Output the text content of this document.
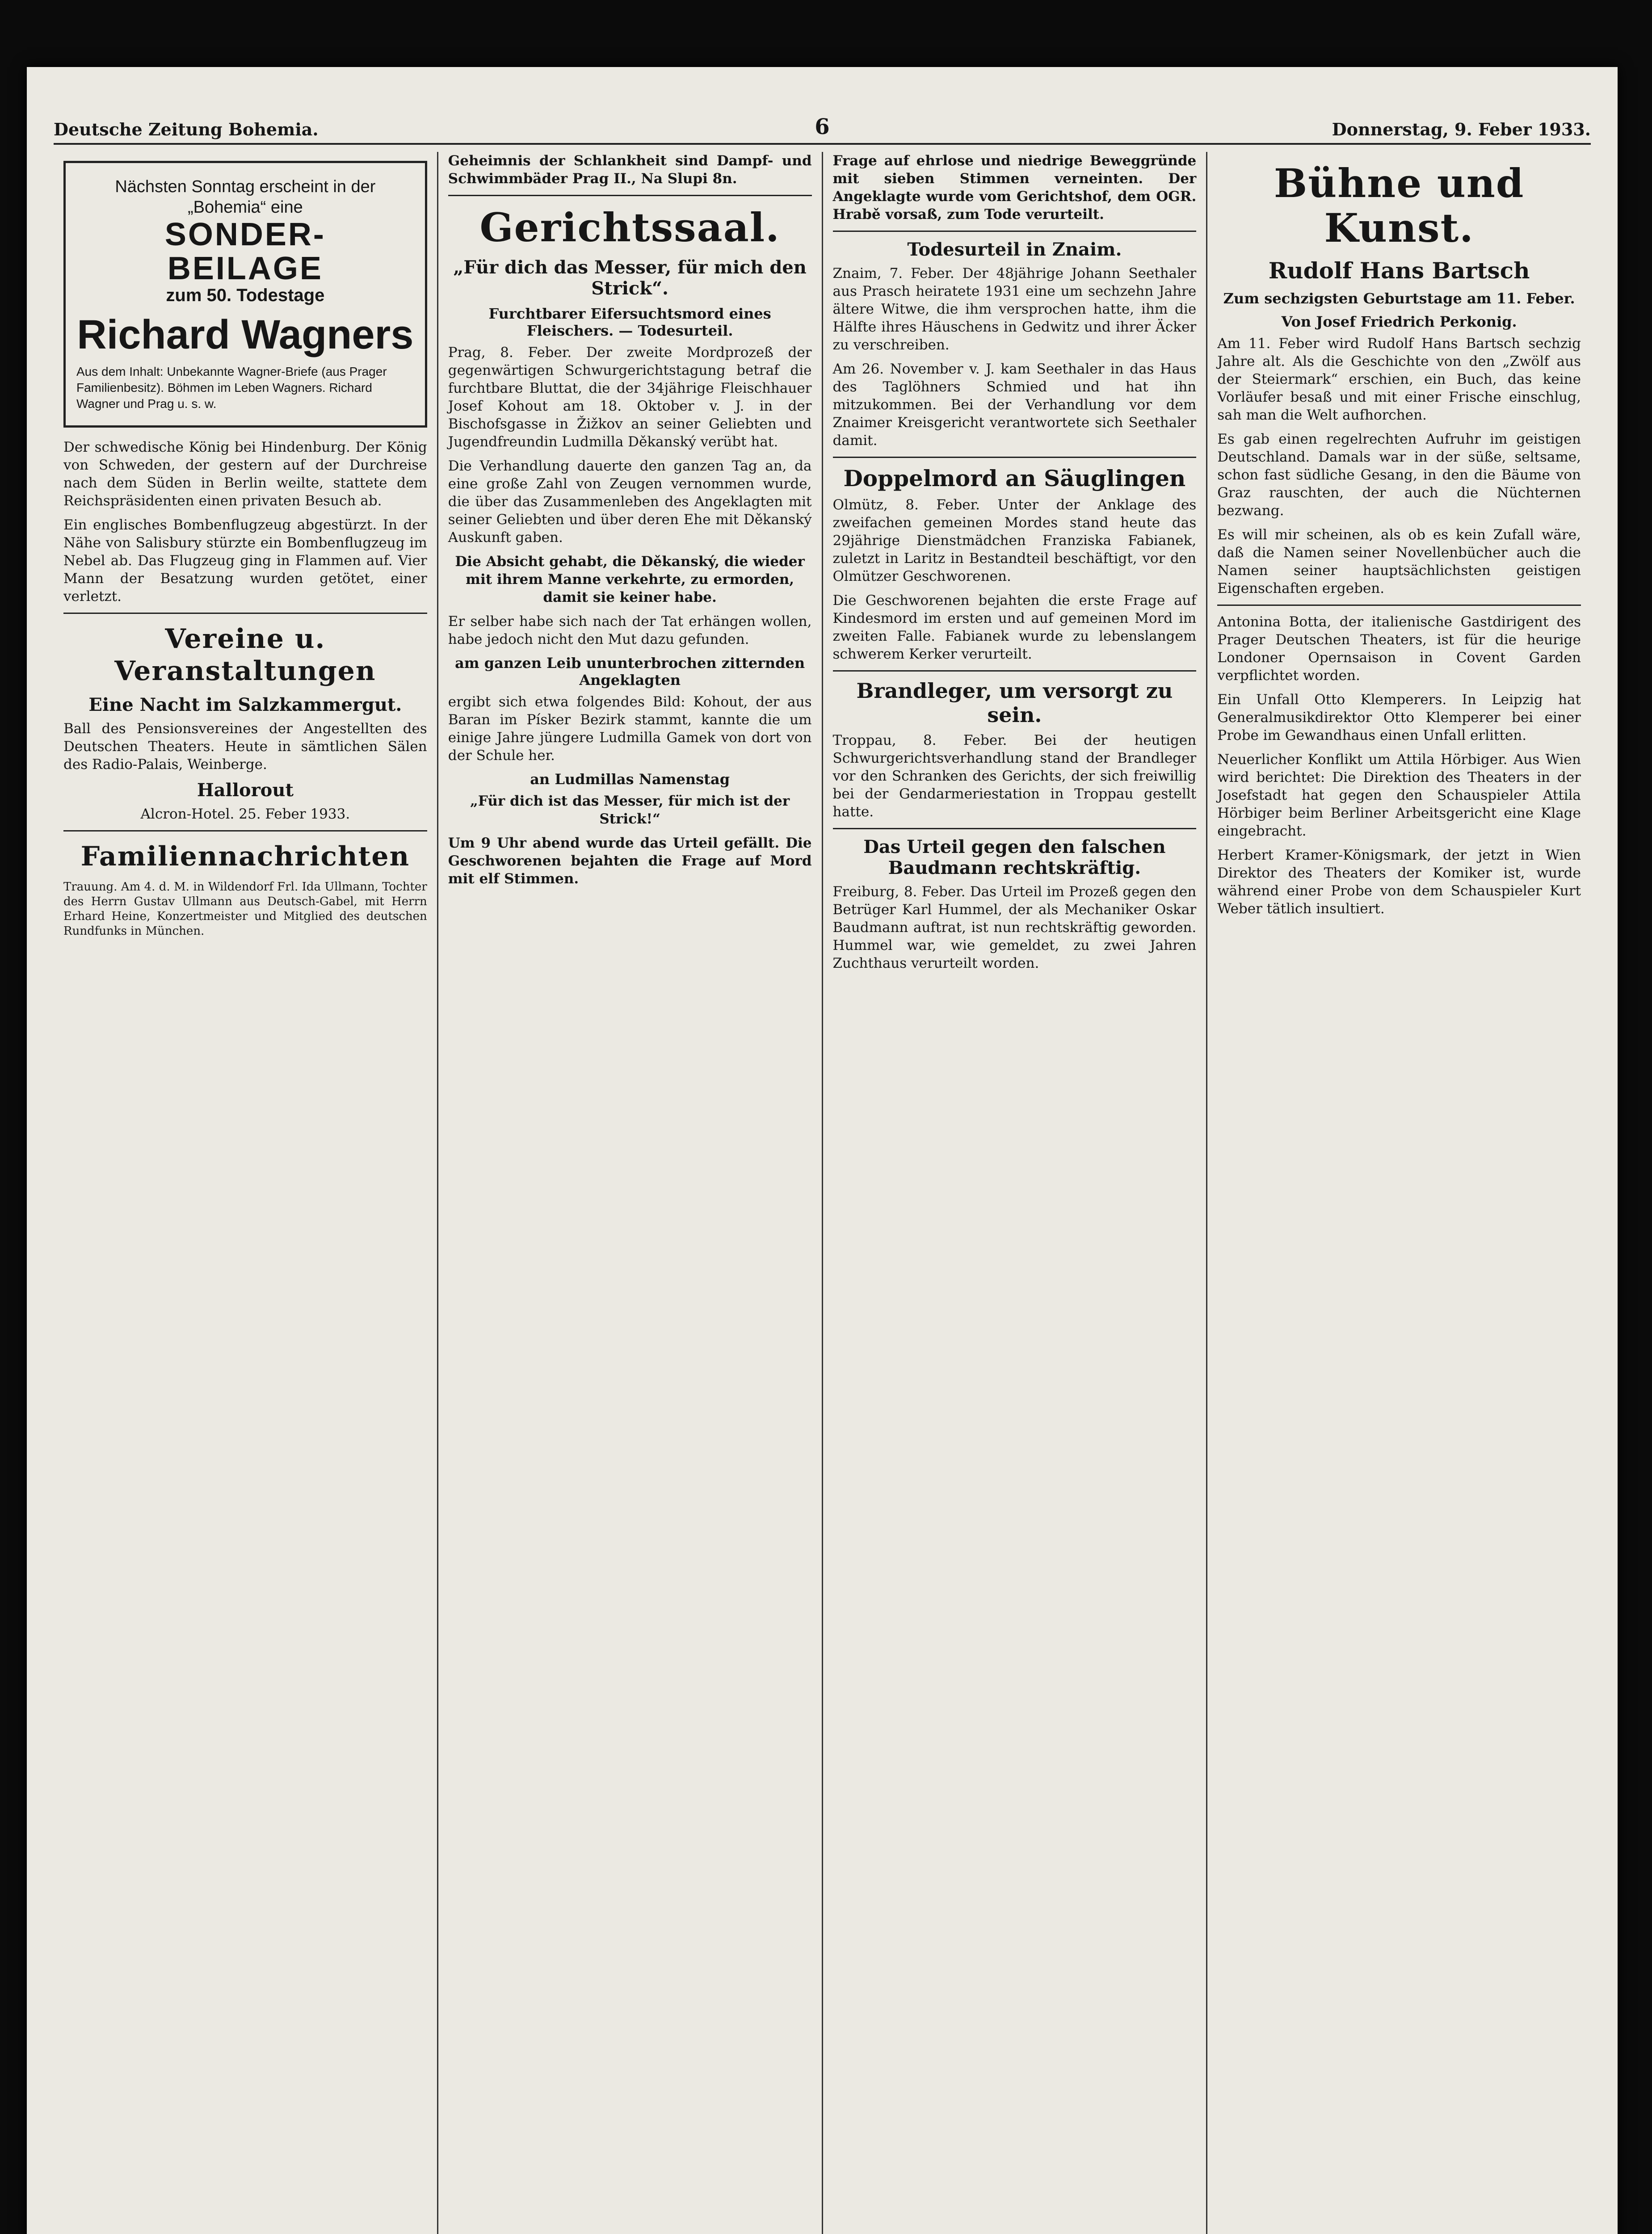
Deutsche Zeitung Bohemia.	6	Donnerstag, 9. Feber 1933.
Nächsten Sonntag erscheint in der „Bohemia“ eine
SONDER-
BEILAGE
zum 50. Todestage
Richard Wagners
Aus dem Inhalt: Unbekannte Wagner-Briefe (aus Prager Familienbesitz). Böhmen im Leben Wagners. Richard Wagner und Prag u. s. w.

Der schwedische König bei Hindenburg. Der König von Schweden, der gestern auf der Durchreise nach dem Süden in Berlin weilte, stattete dem Reichspräsidenten einen privaten Besuch ab.

Ein englisches Bombenflugzeug abgestürzt. In der Nähe von Salisbury stürzte ein Bombenflugzeug im Nebel ab. Das Flugzeug ging in Flammen auf. Vier Mann der Besatzung wurden getötet, einer verletzt.

Vereine u. Veranstaltungen
Eine Nacht im Salzkammergut.

Ball des Pensionsvereines der Angestellten des Deutschen Theaters. Heute in sämtlichen Sälen des Radio-Palais, Weinberge.

Hallorout

Alcron-Hotel. 25. Feber 1933.

Familiennachrichten

Trauung. Am 4. d. M. in Wildendorf Frl. Ida Ullmann, Tochter des Herrn Gustav Ullmann aus Deutsch-Gabel, mit Herrn Erhard Heine, Konzertmeister und Mitglied des deutschen Rundfunks in München.

Geheimnis der Schlankheit sind Dampf- und Schwimmbäder Prag II., Na Slupi 8n.

Gerichtssaal.
„Für dich das Messer, für mich den Strick“.
Furchtbarer Eifersuchtsmord eines Fleischers. — Todesurteil.

Prag, 8. Feber. Der zweite Mordprozeß der gegenwärtigen Schwurgerichtstagung betraf die furchtbare Bluttat, die der 34jährige Fleischhauer Josef Kohout am 18. Oktober v. J. in der Bischofsgasse in Žižkov an seiner Geliebten und Jugendfreundin Ludmilla Děkanský verübt hat.

Die Verhandlung dauerte den ganzen Tag an, da eine große Zahl von Zeugen vernommen wurde, die über das Zusammenleben des Angeklagten mit seiner Geliebten und über deren Ehe mit Děkanský Auskunft gaben.

Die Absicht gehabt, die Děkanský, die wieder mit ihrem Manne verkehrte, zu ermorden, damit sie keiner habe.

Er selber habe sich nach der Tat erhängen wollen, habe jedoch nicht den Mut dazu gefunden.

am ganzen Leib ununterbrochen zitternden Angeklagten

ergibt sich etwa folgendes Bild: Kohout, der aus Baran im Písker Bezirk stammt, kannte die um einige Jahre jüngere Ludmilla Gamek von dort von der Schule her.

an Ludmillas Namenstag

„Für dich ist das Messer, für mich ist der Strick!“

Um 9 Uhr abend wurde das Urteil gefällt. Die Geschworenen bejahten die Frage auf Mord mit elf Stimmen.

Frage auf ehrlose und niedrige Beweggründe mit sieben Stimmen verneinten. Der Angeklagte wurde vom Gerichtshof, dem OGR. Hrabě vorsaß, zum Tode verurteilt.

Todesurteil in Znaim.

Znaim, 7. Feber. Der 48jährige Johann Seethaler aus Prasch heiratete 1931 eine um sechzehn Jahre ältere Witwe, die ihm versprochen hatte, ihm die Hälfte ihres Häuschens in Gedwitz und ihrer Äcker zu verschreiben.

Am 26. November v. J. kam Seethaler in das Haus des Taglöhners Schmied und hat ihn mitzukommen. Bei der Verhandlung vor dem Znaimer Kreisgericht verantwortete sich Seethaler damit.

Doppelmord an Säuglingen

Olmütz, 8. Feber. Unter der Anklage des zweifachen gemeinen Mordes stand heute das 29jährige Dienstmädchen Franziska Fabianek, zuletzt in Laritz in Bestandteil beschäftigt, vor den Olmützer Geschworenen.

Die Geschworenen bejahten die erste Frage auf Kindesmord im ersten und auf gemeinen Mord im zweiten Falle. Fabianek wurde zu lebenslangem schwerem Kerker verurteilt.

Brandleger, um versorgt zu sein.

Troppau, 8. Feber. Bei der heutigen Schwurgerichtsverhandlung stand der Brandleger vor den Schranken des Gerichts, der sich freiwillig bei der Gendarmeriestation in Troppau gestellt hatte.

Das Urteil gegen den falschen Baudmann rechtskräftig.

Freiburg, 8. Feber. Das Urteil im Prozeß gegen den Betrüger Karl Hummel, der als Mechaniker Oskar Baudmann auftrat, ist nun rechtskräftig geworden. Hummel war, wie gemeldet, zu zwei Jahren Zuchthaus verurteilt worden.

Bühne und Kunst.
Rudolf Hans Bartsch
Zum sechzigsten Geburtstage am 11. Feber.
Von Josef Friedrich Perkonig.

Am 11. Feber wird Rudolf Hans Bartsch sechzig Jahre alt. Als die Geschichte von den „Zwölf aus der Steiermark“ erschien, ein Buch, das keine Vorläufer besaß und mit einer Frische einschlug, sah man die Welt aufhorchen.

Es gab einen regelrechten Aufruhr im geistigen Deutschland. Damals war in der süße, seltsame, schon fast südliche Gesang, in den die Bäume von Graz rauschten, der auch die Nüchternen bezwang.

Es will mir scheinen, als ob es kein Zufall wäre, daß die Namen seiner Novellenbücher auch die Namen seiner hauptsächlichsten geistigen Eigenschaften ergeben.

Antonina Botta, der italienische Gastdirigent des Prager Deutschen Theaters, ist für die heurige Londoner Opernsaison in Covent Garden verpflichtet worden.

Ein Unfall Otto Klemperers. In Leipzig hat Generalmusikdirektor Otto Klemperer bei einer Probe im Gewandhaus einen Unfall erlitten.

Neuerlicher Konflikt um Attila Hörbiger. Aus Wien wird berichtet: Die Direktion des Theaters in der Josefstadt hat gegen den Schauspieler Attila Hörbiger beim Berliner Arbeitsgericht eine Klage eingebracht.

Herbert Kramer-Königsmark, der jetzt in Wien Direktor des Theaters der Komiker ist, wurde während einer Probe von dem Schauspieler Kurt Weber tätlich insultiert.
